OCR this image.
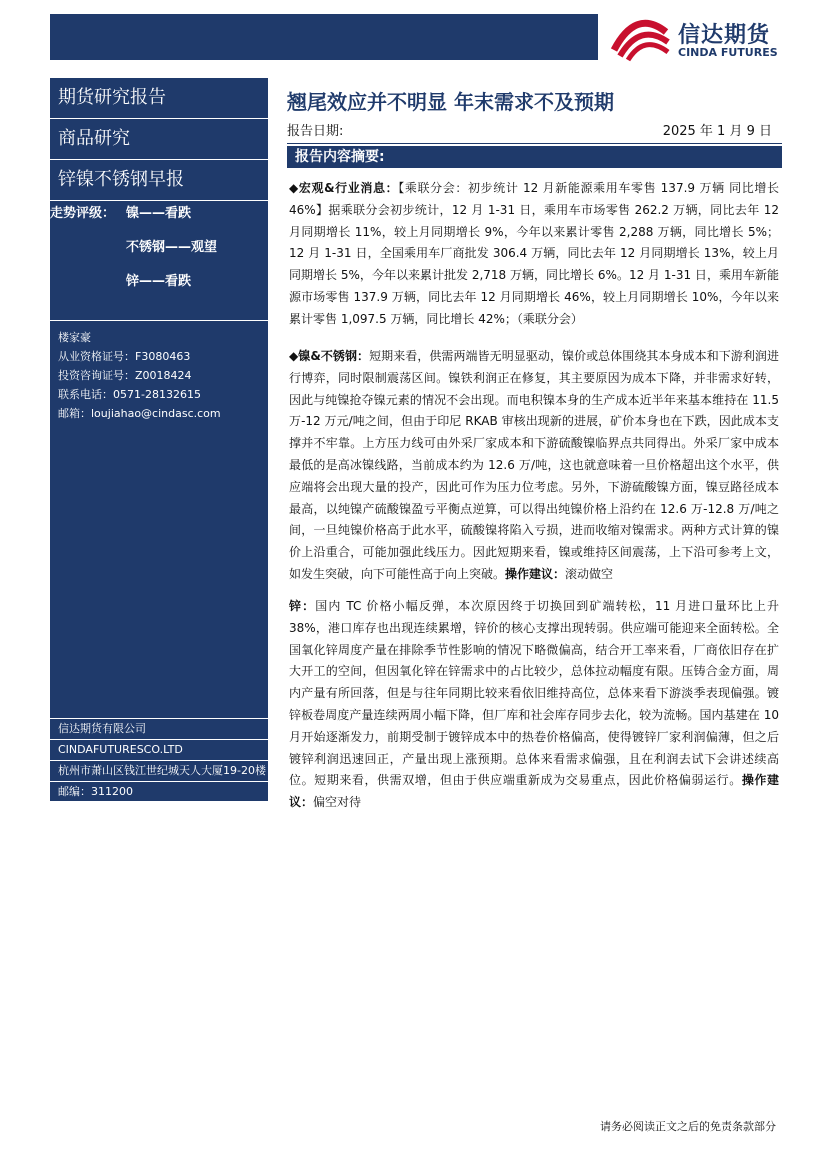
信达期货
CINDA FUTURES
期货研究报告
商品研究
锌镍不锈钢早报
走势评级： 镍——看跌
不锈钢——观望
锌——看跌
楼家豪
从业资格证号：F3080463
投资咨询证号：Z0018424
联系电话：0571-28132615
邮箱：loujiahao@cindasc.com
信达期货有限公司
CINDAFUTURESCO.LTD
杭州市萧山区钱江世纪城天人大厦19-20楼
邮编：311200
翘尾效应并不明显 年末需求不及预期
报告日期:	2025 年 1 月 9 日
报告内容摘要:
◆宏观&行业消息：【乘联分会：初步统计 12 月新能源乘用车零售 137.9 万辆 同比增长 46%】据乘联分会初步统计，12 月 1-31 日，乘用车市场零售 262.2 万辆，同比去年 12 月同期增长 11%，较上月同期增长 9%，今年以来累计零售 2,288 万辆，同比增长 5%；12 月 1-31 日，全国乘用车厂商批发 306.4 万辆，同比去年 12 月同期增长 13%，较上月同期增长 5%，今年以来累计批发 2,718 万辆，同比增长 6%。12 月 1-31 日，乘用车新能源市场零售 137.9 万辆，同比去年 12 月同期增长 46%，较上月同期增长 10%，今年以来累计零售 1,097.5 万辆，同比增长 42%；（乘联分会）
◆镍&不锈钢：短期来看，供需两端皆无明显驱动，镍价或总体围绕其本身成本和下游利润进行博弈，同时限制震荡区间。镍铁利润正在修复，其主要原因为成本下降，并非需求好转，因此与纯镍抢夺镍元素的情况不会出现。而电积镍本身的生产成本近半年来基本维持在 11.5 万-12 万元/吨之间，但由于印尼 RKAB 审核出现新的进展，矿价本身也在下跌，因此成本支撑并不牢靠。上方压力线可由外采厂家成本和下游硫酸镍临界点共同得出。外采厂家中成本最低的是高冰镍线路，当前成本约为 12.6 万/吨，这也就意味着一旦价格超出这个水平，供应端将会出现大量的投产，因此可作为压力位考虑。另外，下游硫酸镍方面，镍豆路径成本最高，以纯镍产硫酸镍盈亏平衡点逆算，可以得出纯镍价格上沿约在 12.6 万-12.8 万/吨之间，一旦纯镍价格高于此水平，硫酸镍将陷入亏损，进而收缩对镍需求。两种方式计算的镍价上沿重合，可能加强此线压力。因此短期来看，镍或维持区间震荡，上下沿可参考上文，如发生突破，向下可能性高于向上突破。操作建议：滚动做空
锌：国内 TC 价格小幅反弹，本次原因终于切换回到矿端转松，11 月进口量环比上升 38%，港口库存也出现连续累增，锌价的核心支撑出现转弱。供应端可能迎来全面转松。全国氧化锌周度产量在排除季节性影响的情况下略微偏高，结合开工率来看，厂商依旧存在扩大开工的空间，但因氧化锌在锌需求中的占比较少，总体拉动幅度有限。压铸合金方面，周内产量有所回落，但是与往年同期比较来看依旧维持高位，总体来看下游淡季表现偏强。镀锌板卷周度产量连续两周小幅下降，但厂库和社会库存同步去化，较为流畅。国内基建在 10 月开始逐渐发力，前期受制于镀锌成本中的热卷价格偏高，使得镀锌厂家利润偏薄，但之后镀锌利润迅速回正，产量出现上涨预期。总体来看需求偏强，且在利润去试下会讲述续高位。短期来看，供需双增，但由于供应端重新成为交易重点，因此价格偏弱运行。操作建议：偏空对待
请务必阅读正文之后的免责条款部分
